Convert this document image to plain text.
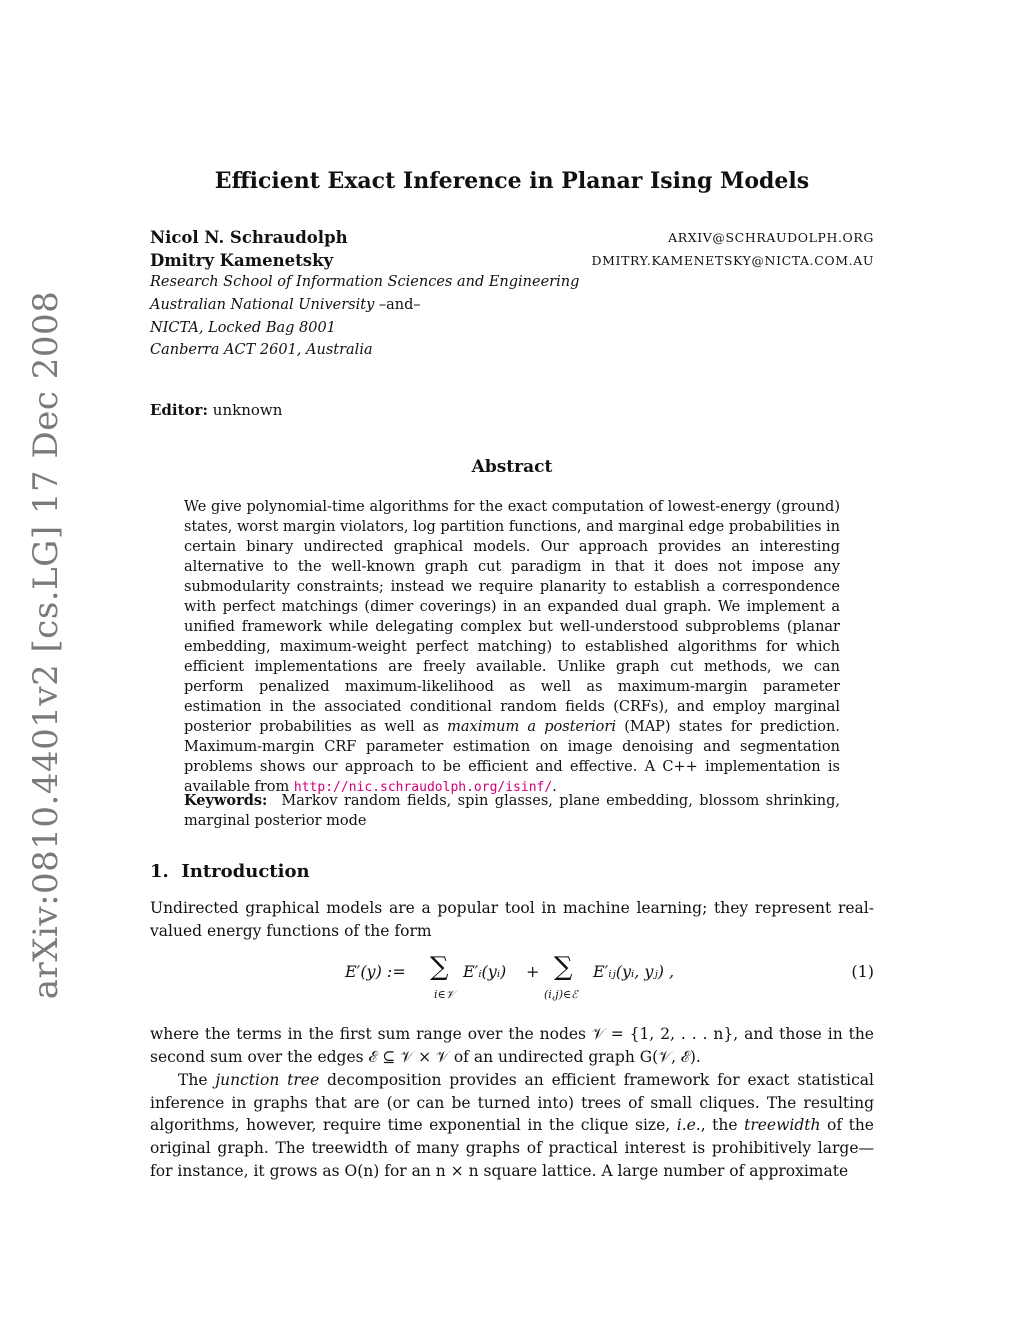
arXiv:0810.4401v2 [cs.LG] 17 Dec 2008
Efficient Exact Inference in Planar Ising Models
Nicol N. Schraudolph	ARXIV@SCHRAUDOLPH.ORG
Dmitry Kamenetsky	DMITRY.KAMENETSKY@NICTA.COM.AU
Research School of Information Sciences and Engineering
Australian National University –and–
NICTA, Locked Bag 8001
Canberra ACT 2601, Australia
Editor: unknown
Abstract
We give polynomial-time algorithms for the exact computation of lowest-energy (ground) states, worst margin violators, log partition functions, and marginal edge probabilities in certain binary undirected graphical models. Our approach provides an interesting alternative to the well-known graph cut paradigm in that it does not impose any submodularity constraints; instead we require planarity to establish a correspondence with perfect matchings (dimer coverings) in an expanded dual graph. We implement a unified framework while delegating complex but well-understood subproblems (planar embedding, maximum-weight perfect matching) to established algorithms for which efficient implementations are freely available. Unlike graph cut methods, we can perform penalized maximum-likelihood as well as maximum-margin parameter estimation in the associated conditional random fields (CRFs), and employ marginal posterior probabilities as well as maximum a posteriori (MAP) states for prediction. Maximum-margin CRF parameter estimation on image denoising and segmentation problems shows our approach to be efficient and effective. A C++ implementation is available from http://nic.schraudolph.org/isinf/.
Keywords: Markov random fields, spin glasses, plane embedding, blossom shrinking, marginal posterior mode
1. Introduction
Undirected graphical models are a popular tool in machine learning; they represent real-valued energy functions of the form
E′(y) := ∑
i∈𝒱
E′ᵢ(yᵢ) + ∑
(i,j)∈ℰ
E′ᵢⱼ(yᵢ, yⱼ) ,	(1)
where the terms in the first sum range over the nodes 𝒱 = {1, 2, . . . n}, and those in the second sum over the edges ℰ ⊆ 𝒱 × 𝒱 of an undirected graph G(𝒱, ℰ).
The junction tree decomposition provides an efficient framework for exact statistical inference in graphs that are (or can be turned into) trees of small cliques. The resulting algorithms, however, require time exponential in the clique size, i.e., the treewidth of the original graph. The treewidth of many graphs of practical interest is prohibitively large—for instance, it grows as O(n) for an n × n square lattice. A large number of approximate
